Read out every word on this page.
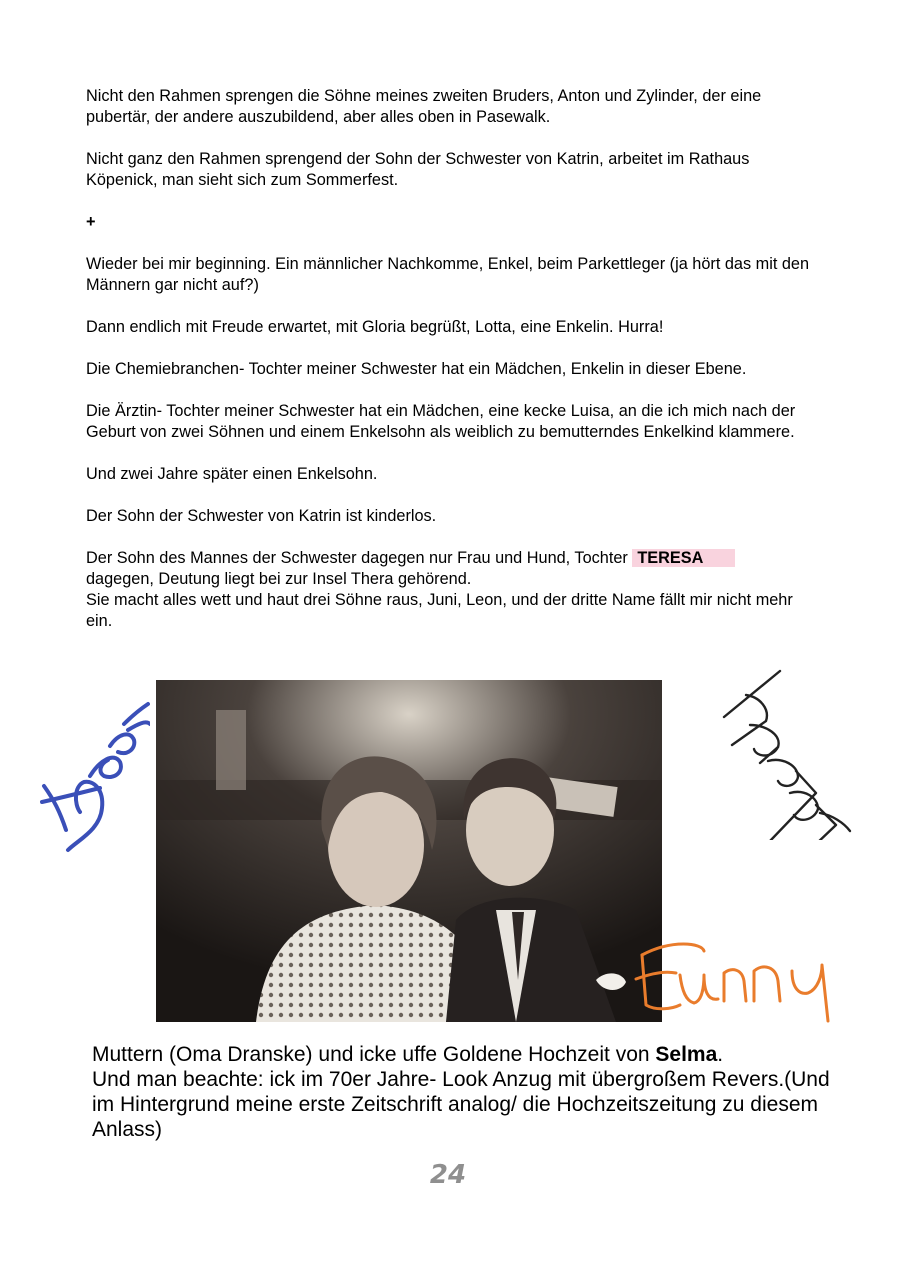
Nicht den Rahmen sprengen die Söhne meines zweiten Bruders, Anton und Zylinder, der eine pubertär, der andere auszubildend, aber alles oben in Pasewalk.

Nicht ganz den Rahmen sprengend der Sohn der Schwester von Katrin, arbeitet im Rathaus Köpenick, man sieht sich zum Sommerfest.

+

Wieder bei mir beginning. Ein männlicher Nachkomme, Enkel, beim Parkettleger (ja hört das mit den Männern gar nicht auf?)

Dann endlich mit Freude erwartet, mit Gloria begrüßt, Lotta, eine Enkelin. Hurra!

Die Chemiebranchen- Tochter meiner Schwester hat ein Mädchen, Enkelin in dieser Ebene.

Die Ärztin- Tochter meiner Schwester hat ein Mädchen, eine kecke Luisa, an die ich mich nach der Geburt von zwei Söhnen und einem Enkelsohn als weiblich zu bemutterndes Enkelkind klammere.

Und zwei Jahre später einen Enkelsohn.

Der Sohn der Schwester von Katrin ist kinderlos.

Der Sohn des Mannes der Schwester dagegen nur Frau und Hund, Tochter TERESA
dagegen, Deutung liegt bei zur Insel Thera gehörend.

Sie macht alles wett und haut drei Söhne raus, Juni, Leon, und der dritte Name fällt mir nicht mehr ein.

Muttern (Oma Dranske) und icke uffe Goldene Hochzeit von Selma.
Und man beachte: ick im 70er Jahre- Look Anzug mit übergroßem Revers.(Und im Hintergrund meine erste Zeitschrift analog/ die Hochzeitszeitung zu diesem Anlass)
24
